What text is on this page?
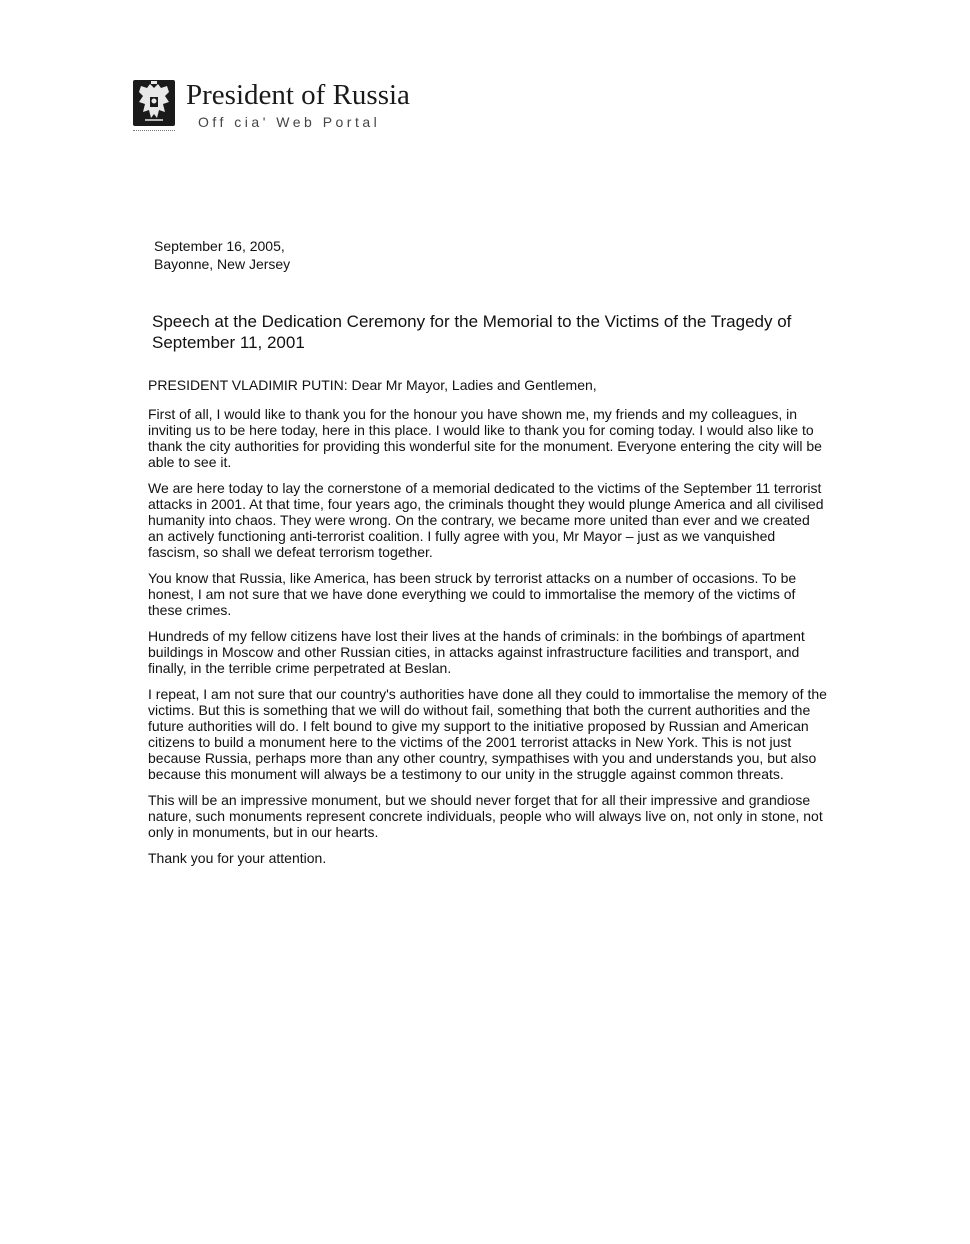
President of Russia
Off cia' Web Portal
September 16, 2005,
Bayonne, New Jersey
Speech at the Dedication Ceremony for the Memorial to the Victims of the Tragedy of September 11, 2001

PRESIDENT VLADIMIR PUTIN: Dear Mr Mayor, Ladies and Gentlemen,

First of all, I would like to thank you for the honour you have shown me, my friends and my colleagues, in inviting us to be here today, here in this place. I would like to thank you for coming today. I would also like to thank the city authorities for providing this wonderful site for the monument. Everyone entering the city will be able to see it.

We are here today to lay the cornerstone of a memorial dedicated to the victims of the September 11 terrorist attacks in 2001. At that time, four years ago, the criminals thought they would plunge America and all civilised humanity into chaos. They were wrong. On the contrary, we became more united than ever and we created an actively functioning anti-terrorist coalition. I fully agree with you, Mr Mayor – just as we vanquished fascism, so shall we defeat terrorism together.

You know that Russia, like America, has been struck by terrorist attacks on a number of occasions. To be honest, I am not sure that we have done everything we could to immortalise the memory of the victims of these crimes.

Hundreds of my fellow citizens have lost their lives at the hands of criminals: in the bombings of apartment buildings in Moscow and other Russian cities, in attacks against infrastructure facilities and transport, and finally, in the terrible crime perpetrated at Beslan.

I repeat, I am not sure that our country's authorities have done all they could to immortalise the memory of the victims. But this is something that we will do without fail, something that both the current authorities and the future authorities will do. I felt bound to give my support to the initiative proposed by Russian and American citizens to build a monument here to the victims of the 2001 terrorist attacks in New York. This is not just because Russia, perhaps more than any other country, sympathises with you and understands you, but also because this monument will always be a testimony to our unity in the struggle against common threats.

This will be an impressive monument, but we should never forget that for all their impressive and grandiose nature, such monuments represent concrete individuals, people who will always live on, not only in stone, not only in monuments, but in our hearts.

Thank you for your attention.
